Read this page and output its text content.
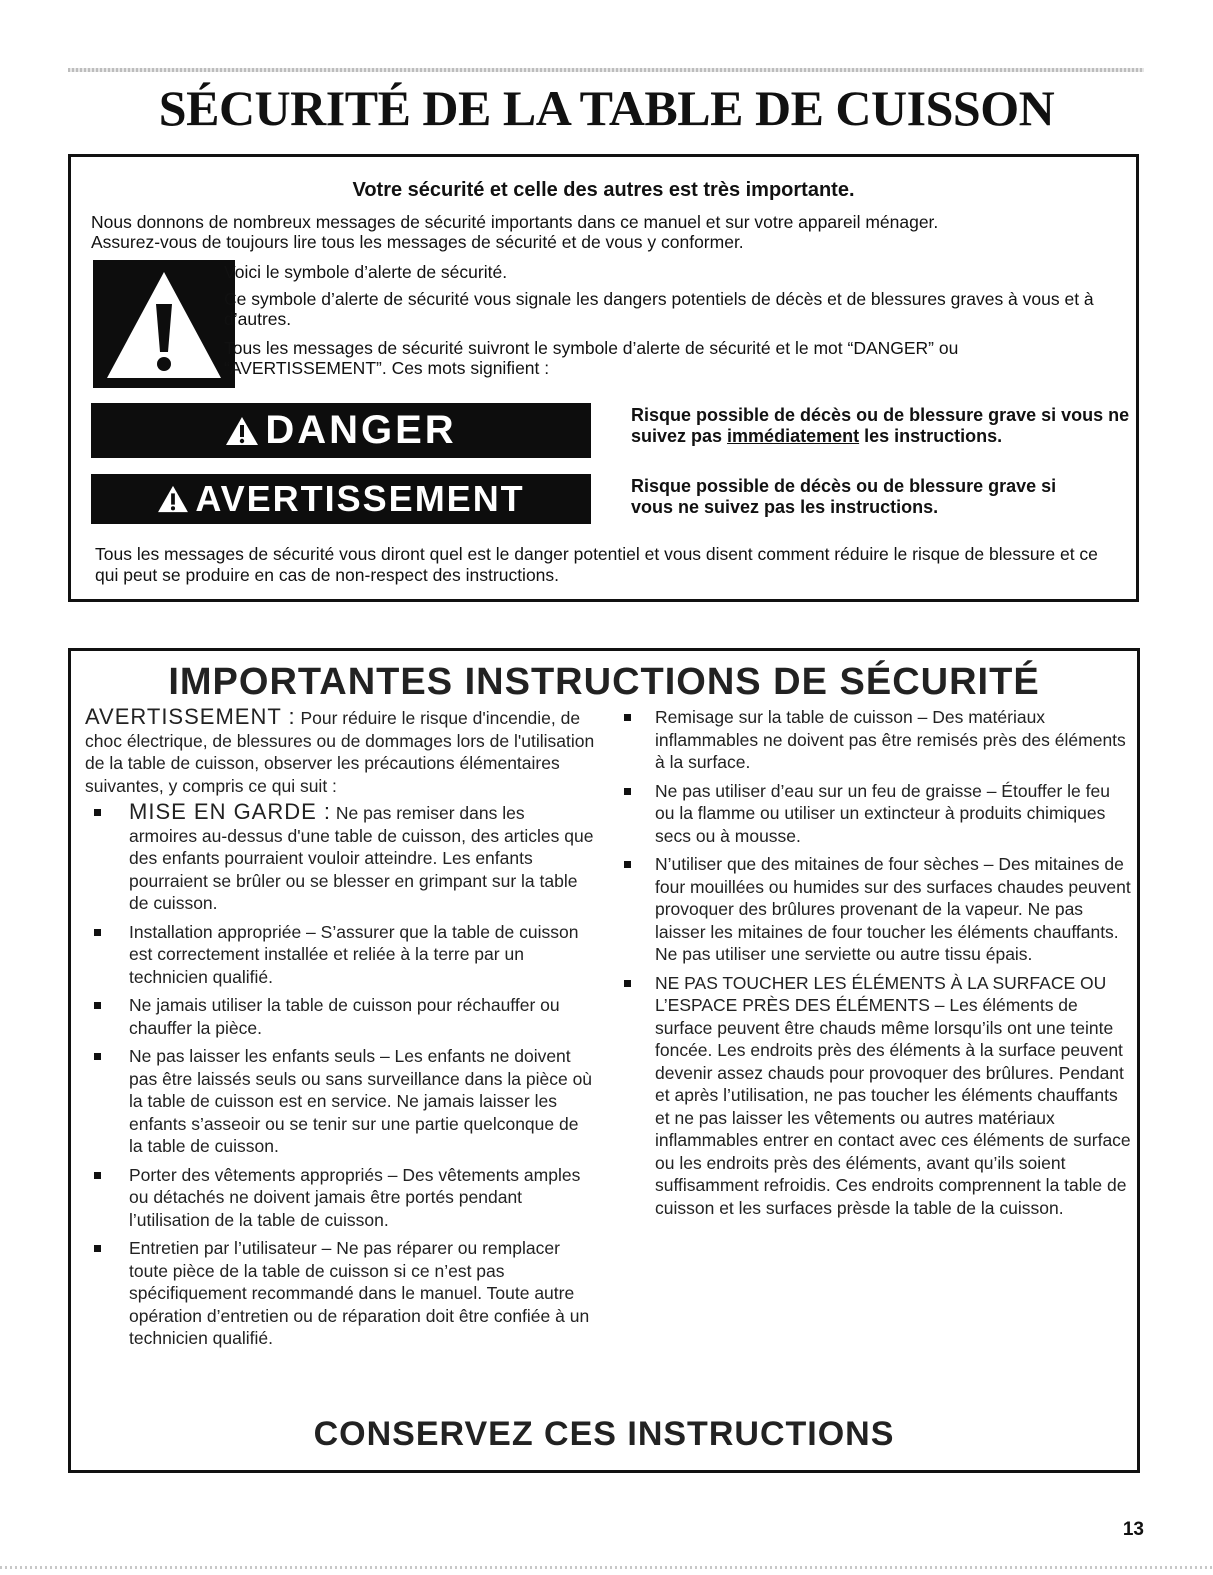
SÉCURITÉ DE LA TABLE DE CUISSON
Votre sécurité et celle des autres est très importante.

Nous donnons de nombreux messages de sécurité importants dans ce manuel et sur votre appareil ménager.
Assurez-vous de toujours lire tous les messages de sécurité et de vous y conformer.

Voici le symbole d’alerte de sécurité.

Ce symbole d’alerte de sécurité vous signale les dangers potentiels de décès et de blessures graves à vous et à d’autres.

Tous les messages de sécurité suivront le symbole d’alerte de sécurité et le mot “DANGER” ou “AVERTISSEMENT”. Ces mots signifient :

DANGER	Risque possible de décès ou de blessure grave si vous ne suivez pas immédiatement les instructions.

AVERTISSEMENT	Risque possible de décès ou de blessure grave si vous ne suivez pas les instructions.

Tous les messages de sécurité vous diront quel est le danger potentiel et vous disent comment réduire le risque de blessure et ce qui peut se produire en cas de non-respect des instructions.

IMPORTANTES INSTRUCTIONS DE SÉCURITÉ

AVERTISSEMENT : Pour réduire le risque d'incendie, de choc électrique, de blessures ou de dommages lors de l'utilisation de la table de cuisson, observer les précautions élémentaires suivantes, y compris ce qui suit :

MISE EN GARDE : Ne pas remiser dans les armoires au-dessus d'une table de cuisson, des articles que des enfants pourraient vouloir atteindre. Les enfants pourraient se brûler ou se blesser en grimpant sur la table de cuisson.
Installation appropriée – S’assurer que la table de cuisson est correctement installée et reliée à la terre par un technicien qualifié.
Ne jamais utiliser la table de cuisson pour réchauffer ou chauffer la pièce.
Ne pas laisser les enfants seuls – Les enfants ne doivent pas être laissés seuls ou sans surveillance dans la pièce où la table de cuisson est en service. Ne jamais laisser les enfants s’asseoir ou se tenir sur une partie quelconque de la table de cuisson.
Porter des vêtements appropriés – Des vêtements amples ou détachés ne doivent jamais être portés pendant l’utilisation de la table de cuisson.
Entretien par l’utilisateur – Ne pas réparer ou remplacer toute pièce de la table de cuisson si ce n’est pas spécifiquement recommandé dans le manuel. Toute autre opération d’entretien ou de réparation doit être confiée à un technicien qualifié.
Remisage sur la table de cuisson – Des matériaux inflammables ne doivent pas être remisés près des éléments à la surface.
Ne pas utiliser d’eau sur un feu de graisse – Étouffer le feu ou la flamme ou utiliser un extincteur à produits chimiques secs ou à mousse.
N’utiliser que des mitaines de four sèches – Des mitaines de four mouillées ou humides sur des surfaces chaudes peuvent provoquer des brûlures provenant de la vapeur. Ne pas laisser les mitaines de four toucher les éléments chauffants. Ne pas utiliser une serviette ou autre tissu épais.
NE PAS TOUCHER LES ÉLÉMENTS À LA SURFACE OU L’ESPACE PRÈS DES ÉLÉMENTS – Les éléments de surface peuvent être chauds même lorsqu’ils ont une teinte foncée. Les endroits près des éléments à la surface peuvent devenir assez chauds pour provoquer des brûlures. Pendant et après l’utilisation, ne pas toucher les éléments chauffants et ne pas laisser les vêtements ou autres matériaux inflammables entrer en contact avec ces éléments de surface ou les endroits près des éléments, avant qu’ils soient suffisamment refroidis. Ces endroits comprennent la table de cuisson et les surfaces prèsde la table de la cuisson.
CONSERVEZ CES INSTRUCTIONS
13
